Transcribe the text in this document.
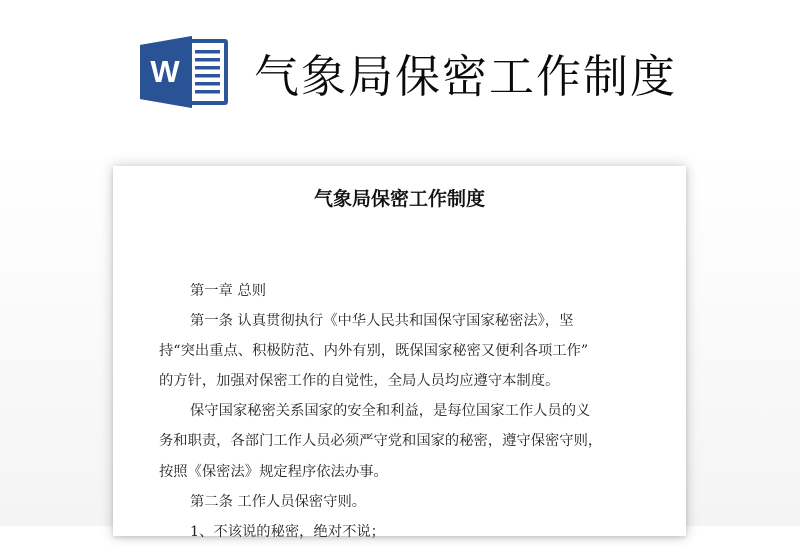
W 气象局保密工作制度
气象局保密工作制度
第一章 总则
第一条 认真贯彻执行《中华人民共和国保守国家秘密法》，坚
持“突出重点、积极防范、内外有别，既保国家秘密又便利各项工作”
的方针，加强对保密工作的自觉性，全局人员均应遵守本制度。
保守国家秘密关系国家的安全和利益，是每位国家工作人员的义
务和职责，各部门工作人员必须严守党和国家的秘密，遵守保密守则，
按照《保密法》规定程序依法办事。
第二条 工作人员保密守则。
1、不该说的秘密，绝对不说；
